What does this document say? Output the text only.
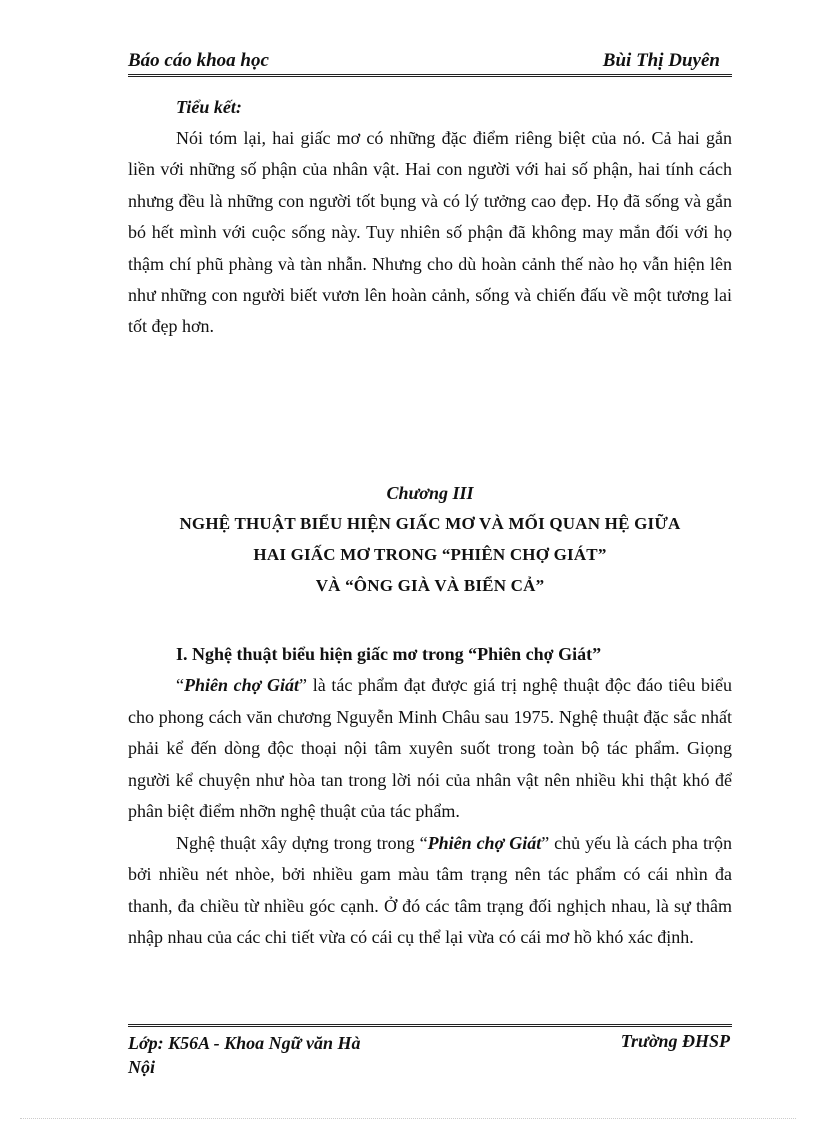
Báo cáo khoa học	Bùi Thị Duyên
Tiểu kết:

Nói tóm lại, hai giấc mơ có những đặc điểm riêng biệt của nó. Cả hai gắn liền với những số phận của nhân vật. Hai con người với hai số phận, hai tính cách nhưng đều là những con người tốt bụng và có lý tưởng cao đẹp. Họ đã sống và gắn bó hết mình với cuộc sống này. Tuy nhiên số phận đã không may mắn đối với họ thậm chí phũ phàng và tàn nhẫn. Nhưng cho dù hoàn cảnh thế nào họ vẫn hiện lên như những con người biết vươn lên hoàn cảnh, sống và chiến đấu về một tương lai tốt đẹp hơn.

Chương III
NGHỆ THUẬT BIỂU HIỆN GIẤC MƠ VÀ MỐI QUAN HỆ GIỮA
HAI GIẤC MƠ TRONG “PHIÊN CHỢ GIÁT”
VÀ “ÔNG GIÀ VÀ BIỂN CẢ”
I. Nghệ thuật biểu hiện giấc mơ trong “Phiên chợ Giát”

“Phiên chợ Giát” là tác phẩm đạt được giá trị nghệ thuật độc đáo tiêu biểu cho phong cách văn chương Nguyễn Minh Châu sau 1975. Nghệ thuật đặc sắc nhất phải kể đến dòng độc thoại nội tâm xuyên suốt trong toàn bộ tác phẩm. Giọng người kể chuyện như hòa tan trong lời nói của nhân vật nên nhiều khi thật khó để phân biệt điểm nhỡn nghệ thuật của tác phẩm.

Nghệ thuật xây dựng trong trong “Phiên chợ Giát” chủ yếu là cách pha trộn bởi nhiều nét nhòe, bởi nhiều gam màu tâm trạng nên tác phẩm có cái nhìn đa thanh, đa chiều từ nhiều góc cạnh. Ở đó các tâm trạng đối nghịch nhau, là sự thâm nhập nhau của các chi tiết vừa có cái cụ thể lại vừa có cái mơ hồ khó xác định.

Lớp: K56A - Khoa Ngữ văn Hà Nội
Trường ĐHSP
